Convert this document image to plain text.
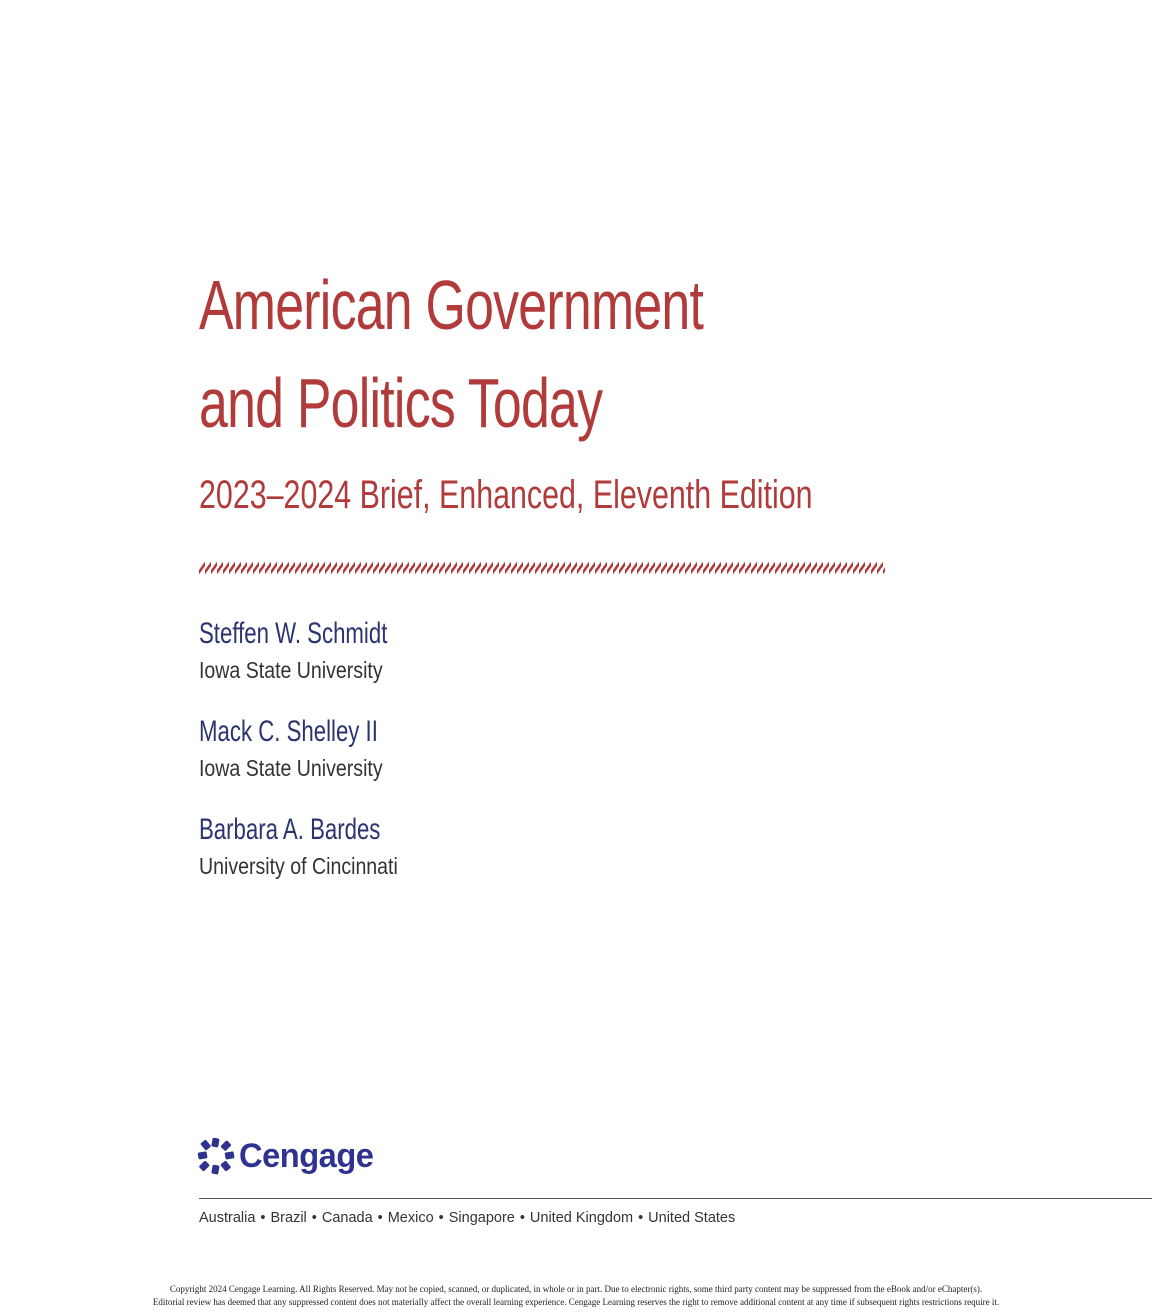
American Government
and Politics Today
2023–2024 Brief, Enhanced, Eleventh Edition
Steffen W. Schmidt
Iowa State University
Mack C. Shelley II
Iowa State University
Barbara A. Bardes
University of Cincinnati
Cengage
Australia • Brazil • Canada • Mexico • Singapore • United Kingdom • United States
Copyright 2024 Cengage Learning. All Rights Reserved. May not be copied, scanned, or duplicated, in whole or in part. Due to electronic rights, some third party content may be suppressed from the eBook and/or eChapter(s).
Editorial review has deemed that any suppressed content does not materially affect the overall learning experience. Cengage Learning reserves the right to remove additional content at any time if subsequent rights restrictions require it.
